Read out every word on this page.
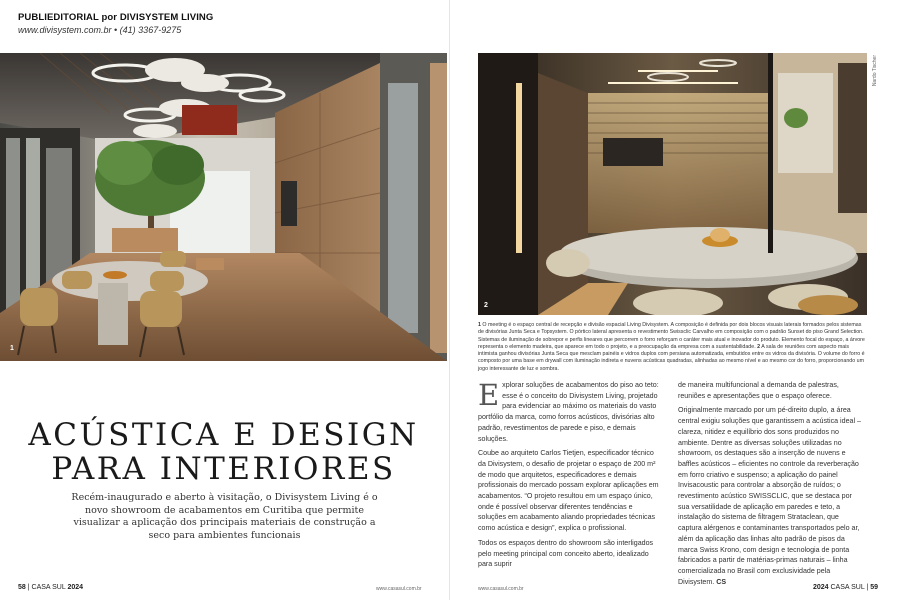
PUBLIEDITORIAL por DIVISYSTEM LIVING
www.divisystem.com.br • (41) 3367-9275
1
2
Nardo Tischer
1 O meeting é o espaço central de recepção e divisão espacial Living Divisystem. A composição é definida por dois blocos visuais laterais formados pelos sistemas de divisórias Junta Seca e Topsystem. O pórtico lateral apresenta o revestimento Swissclic Carvalho em composição com o padrão Sunset do piso Grand Selection. Sistemas de iluminação de sobrepor e perfis lineares que percorrem o forro reforçam o caráter mais atual e inovador do produto. Elemento focal do espaço, a árvore representa o elemento madeira, que aparece em todo o projeto, e a preocupação da empresa com a sustentabilidade. 2 A sala de reuniões com aspecto mais intimista ganhou divisórias Junta Seca que mesclam painéis e vidros duplos com persiana automatizada, embutidos entre os vidros da divisória. O volume do forro é composto por uma base em drywall com iluminação indireta e nuvens acústicas quadradas, alinhadas ao mesmo nível e ao mesmo cor do forro, proporcionando um jogo interessante de luz e sombra.
ACÚSTICA E DESIGN
PARA INTERIORES
Recém-inaugurado e aberto à visitação, o Divisystem Living é o novo showroom de acabamentos em Curitiba que permite visualizar a aplicação dos principais materiais de construção a seco para ambientes funcionais

Explorar soluções de acabamentos do piso ao teto: esse é o conceito do Divisystem Living, projetado para evidenciar ao máximo os materiais do vasto portfólio da marca, como forros acústicos, divisórias alto padrão, revestimentos de parede e piso, e demais soluções.

Coube ao arquiteto Carlos Tietjen, especificador técnico da Divisystem, o desafio de projetar o espaço de 200 m² de modo que arquitetos, especificadores e demais profissionais do mercado possam explorar aplicações em acabamentos. “O projeto resultou em um espaço único, onde é possível observar diferentes tendências e soluções em acabamento aliando propriedades técnicas como acústica e design”, explica o profissional.

Todos os espaços dentro do showroom são interligados pelo meeting principal com conceito aberto, idealizado para suprir

de maneira multifuncional a demanda de palestras, reuniões e apresentações que o espaço oferece.

Originalmente marcado por um pé-direito duplo, a área central exigiu soluções que garantissem a acústica ideal – clareza, nitidez e equilíbrio dos sons produzidos no ambiente. Dentre as diversas soluções utilizadas no showroom, os destaques são a inserção de nuvens e baffles acústicos – eficientes no controle da reverberação em forro criativo e suspenso; a aplicação do painel Invisacoustic para controlar a absorção de ruídos; o revestimento acústico SWISSCLIC, que se destaca por sua versatilidade de aplicação em paredes e teto, a instalação do sistema de filtragem Strataclean, que captura alérgenos e contaminantes transportados pelo ar, além da aplicação das linhas alto padrão de pisos da marca Swiss Krono, com design e tecnologia de ponta fabricados a partir de matérias-primas naturais – linha comercializada no Brasil com exclusividade pela Divisystem. CS

58 | CASA SUL 2024	www.casasul.com.br	www.casasul.com.br	2024 CASA SUL | 59
